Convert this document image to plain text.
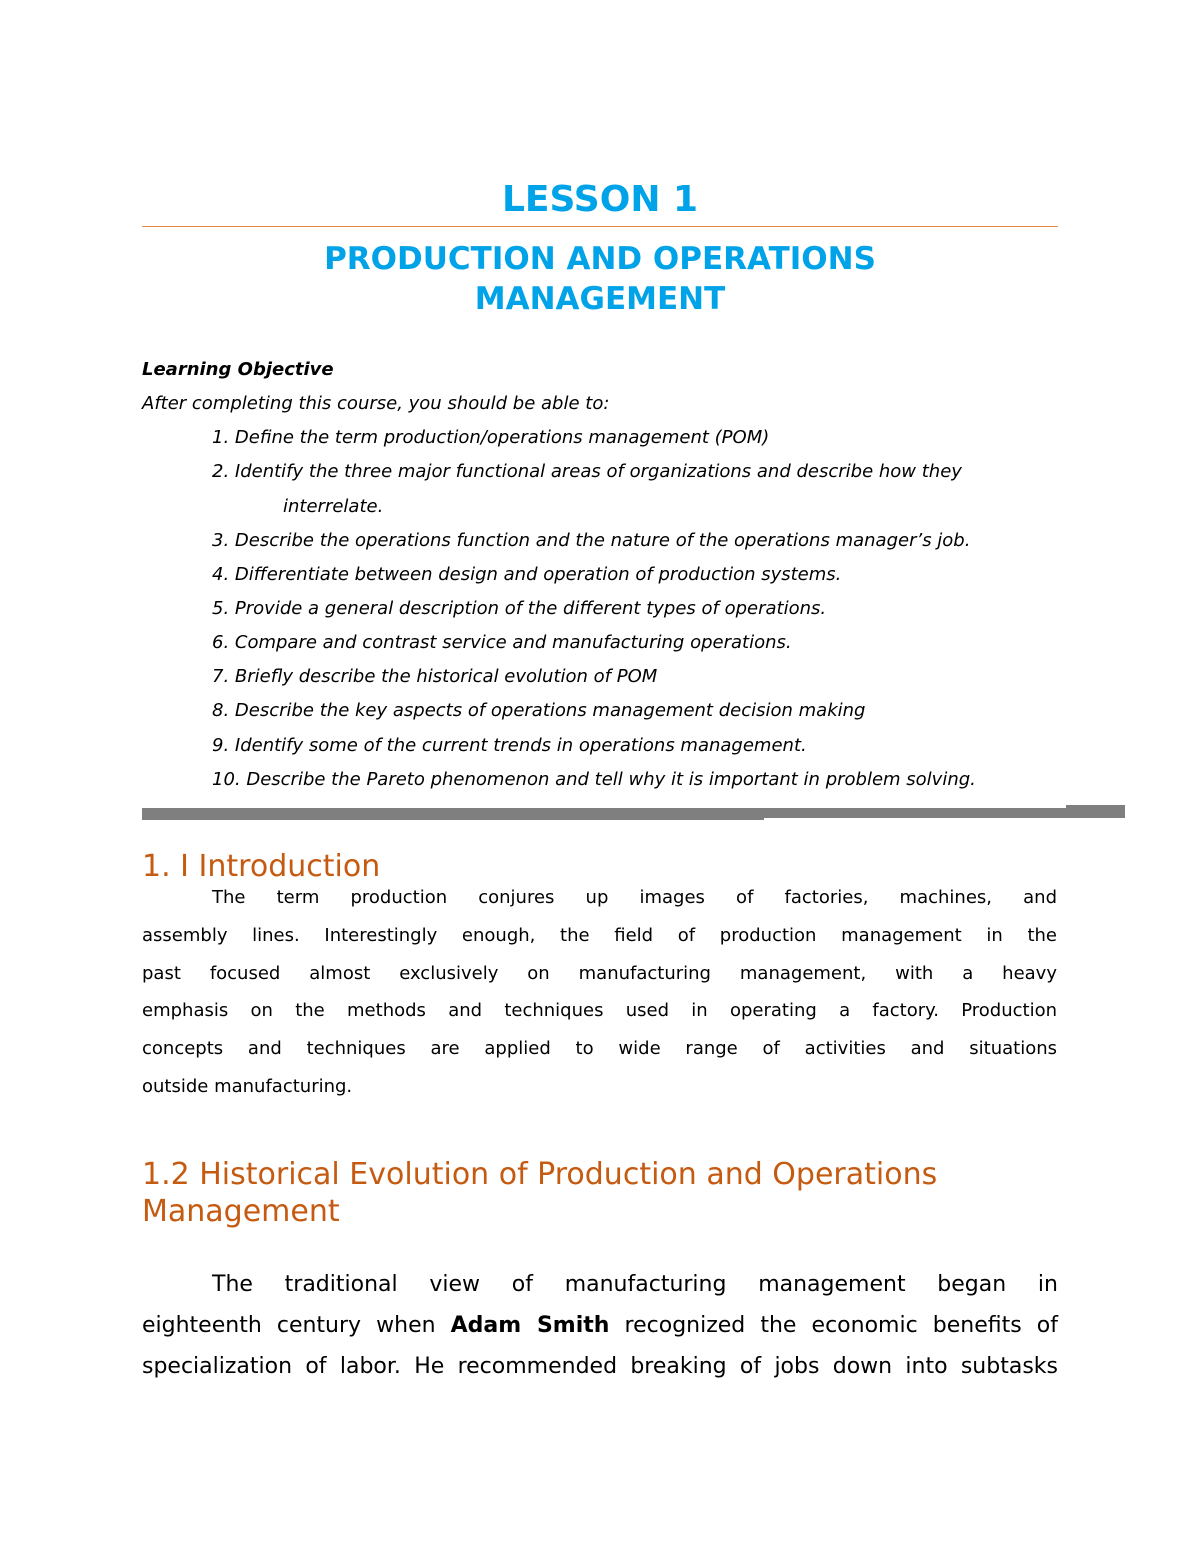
LESSON 1
PRODUCTION AND OPERATIONS
MANAGEMENT
Learning Objective
After completing this course, you should be able to:
1. Define the term production/operations management (POM)
2. Identify the three major functional areas of organizations and describe how they
interrelate.
3. Describe the operations function and the nature of the operations manager’s job.
4. Differentiate between design and operation of production systems.
5. Provide a general description of the different types of operations.
6. Compare and contrast service and manufacturing operations.
7. Briefly describe the historical evolution of POM
8. Describe the key aspects of operations management decision making
9. Identify some of the current trends in operations management.
10. Describe the Pareto phenomenon and tell why it is important in problem solving.
1. I Introduction
The term production conjures up images of factories, machines, and
assembly lines. Interestingly enough, the field of production management in the
past focused almost exclusively on manufacturing management, with a heavy
emphasis on the methods and techniques used in operating a factory. Production
concepts and techniques are applied to wide range of activities and situations
outside manufacturing.
1.2 Historical Evolution of Production and Operations
Management
The traditional view of manufacturing management began in
eighteenth century when Adam Smith recognized the economic benefits of
specialization of labor. He recommended breaking of jobs down into subtasks
